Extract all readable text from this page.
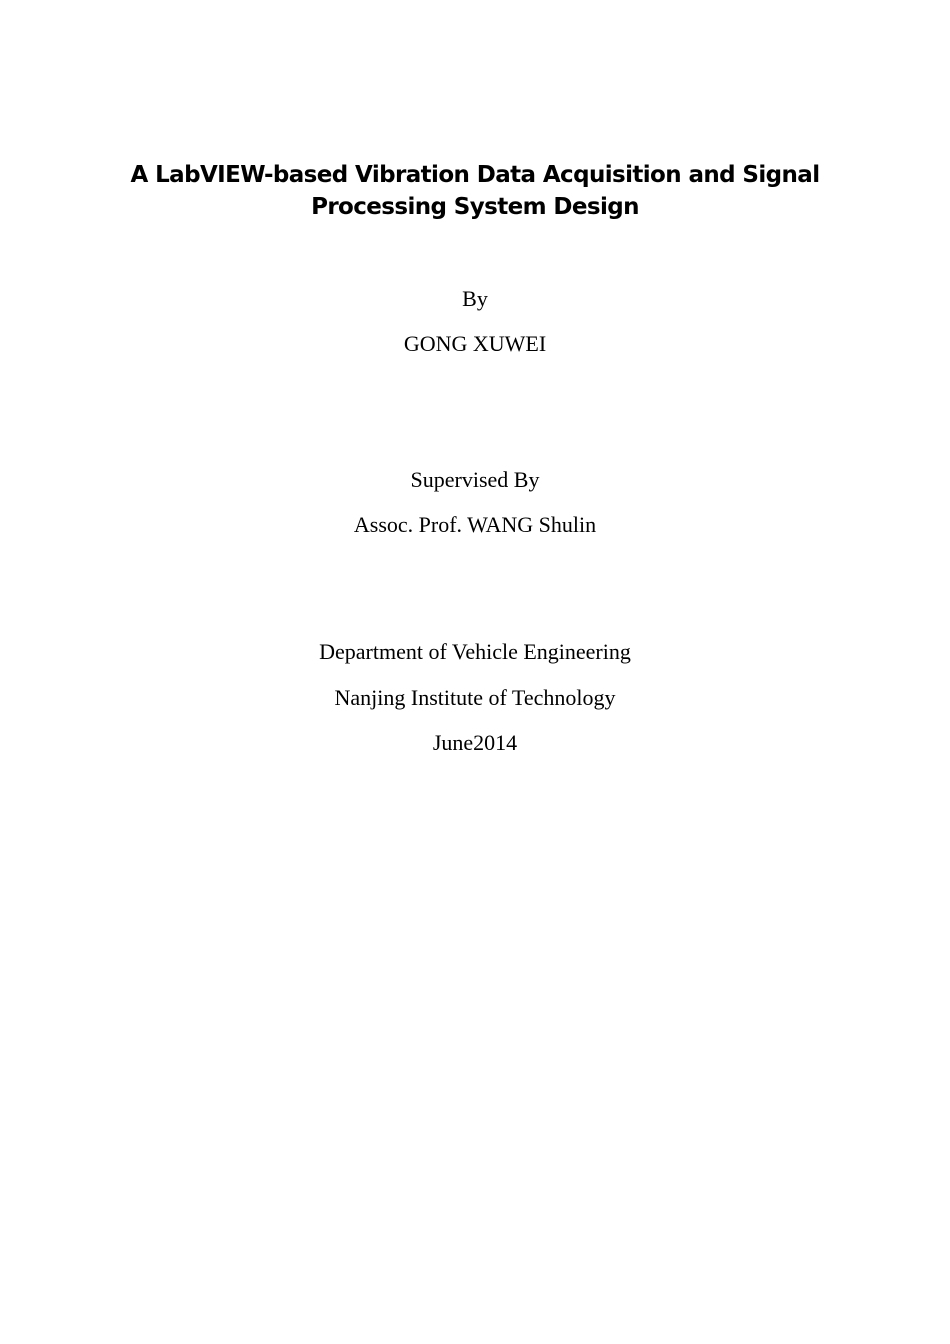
A LabVIEW-based Vibration Data Acquisition and Signal
Processing System Design
By
GONG XUWEI
Supervised By
Assoc. Prof. WANG Shulin
Department of Vehicle Engineering
Nanjing Institute of Technology
June2014
